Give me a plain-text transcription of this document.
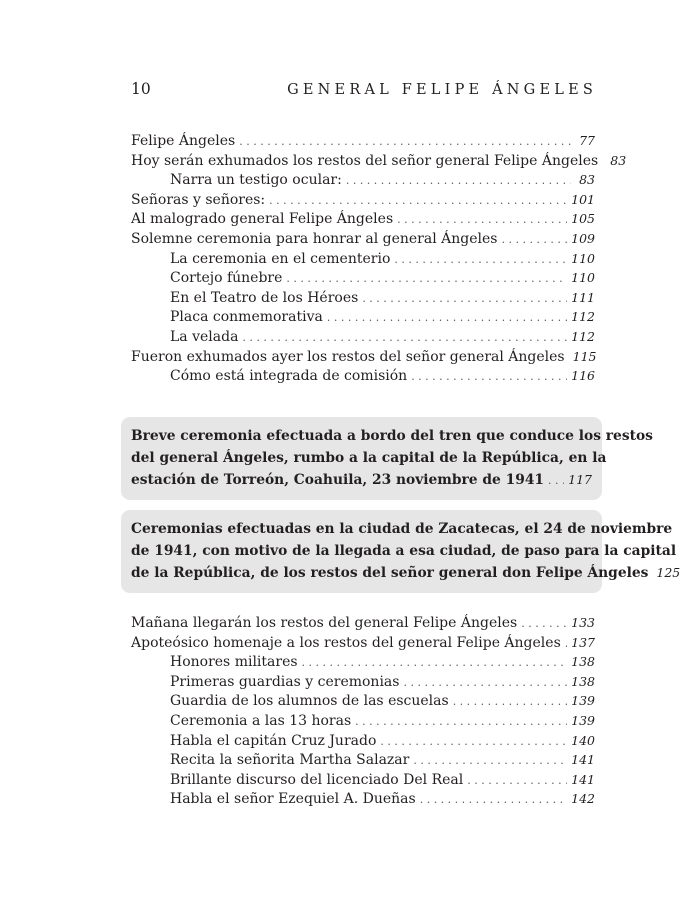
10	GENERAL FELIPE ÁNGELES
Felipe Ángeles . . .	77
Hoy serán exhumados los restos del señor general Felipe Ángeles 83
Narra un testigo ocular: . . .	83
Señoras y señores: . . .	101
Al malogrado general Felipe Ángeles . . .	105
Solemne ceremonia para honrar al general Ángeles . . .	109
La ceremonia en el cementerio . . .	110
Cortejo fúnebre . . .	110
En el Teatro de los Héroes . . .	111
Placa conmemorativa . . .	112
La velada . . .	112
Fueron exhumados ayer los restos del señor general Ángeles 115
Cómo está integrada de comisión . . .	116
Breve ceremonia efectuada a bordo del tren que conduce los restos
del general Ángeles, rumbo a la capital de la República, en la
estación de Torreón, Coahuila, 23 noviembre de 1941 . . . 117
Ceremonias efectuadas en la ciudad de Zacatecas, el 24 de noviembre
de 1941, con motivo de la llegada a esa ciudad, de paso para la capital
de la República, de los restos del señor general don Felipe Ángeles 125
Mañana llegarán los restos del general Felipe Ángeles . . .	133
Apoteósico homenaje a los restos del general Felipe Ángeles . . . 137
Honores militares . . .	138
Primeras guardias y ceremonias . . .	138
Guardia de los alumnos de las escuelas . . .	139
Ceremonia a las 13 horas . . .	139
Habla el capitán Cruz Jurado . . .	140
Recita la señorita Martha Salazar . . .	141
Brillante discurso del licenciado Del Real . . .	141
Habla el señor Ezequiel A. Dueñas . . .	142
